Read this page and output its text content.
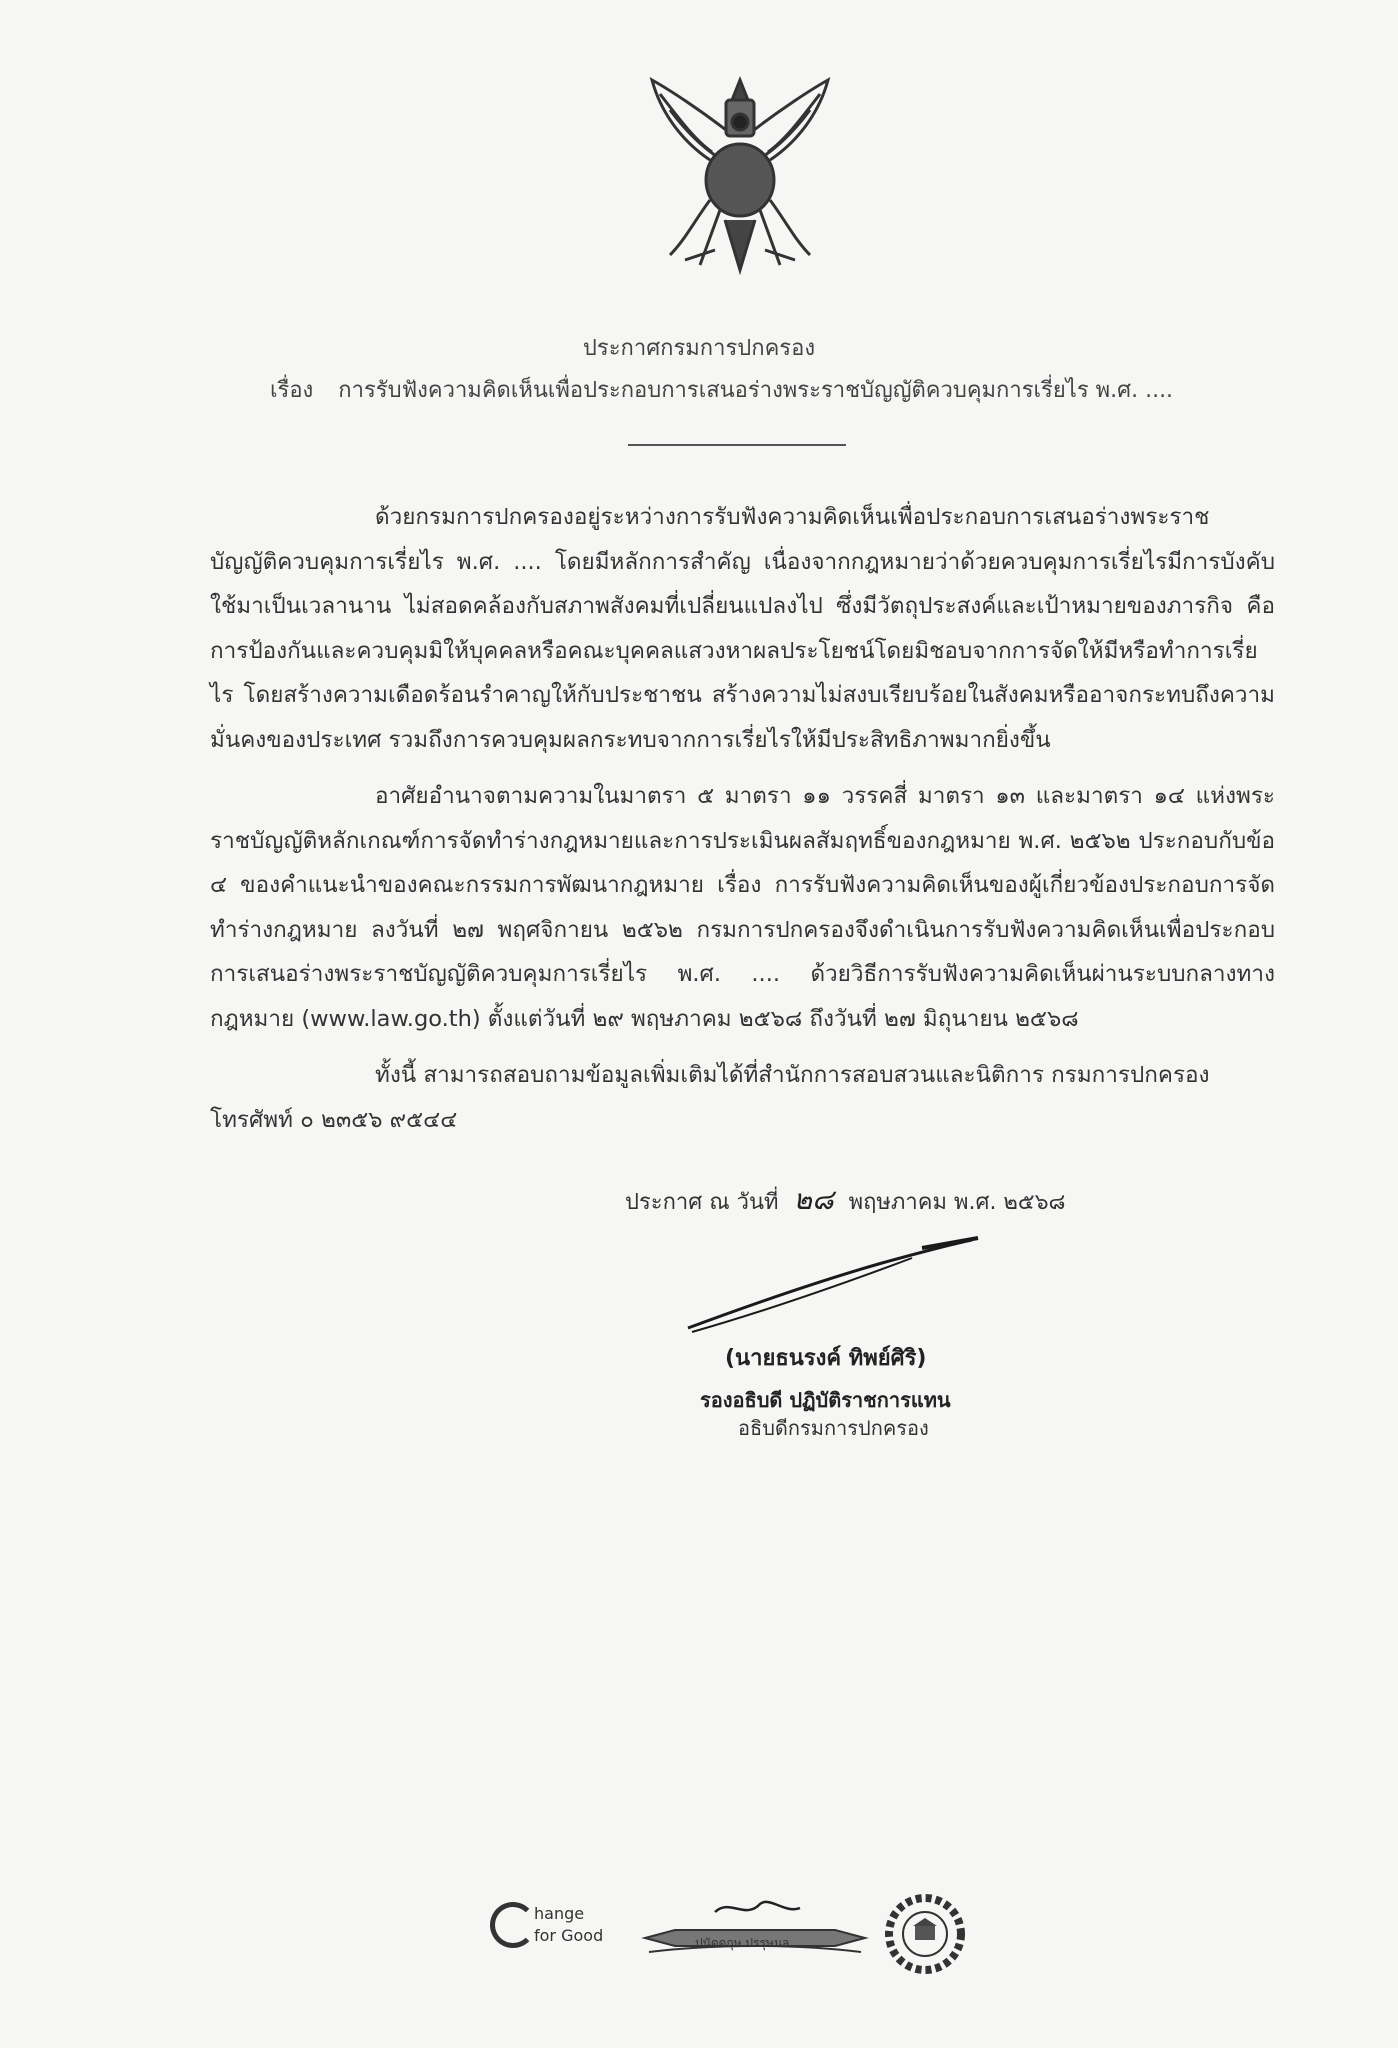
ประกาศกรมการปกครอง
เรื่อง การรับฟังความคิดเห็นเพื่อประกอบการเสนอร่างพระราชบัญญัติควบคุมการเรี่ยไร พ.ศ. ....

ด้วยกรมการปกครองอยู่ระหว่างการรับฟังความคิดเห็นเพื่อประกอบการเสนอร่างพระราชบัญญัติควบคุมการเรี่ยไร พ.ศ. .... โดยมีหลักการสำคัญ เนื่องจากกฎหมายว่าด้วยควบคุมการเรี่ยไรมีการบังคับใช้มาเป็นเวลานาน ไม่สอดคล้องกับสภาพสังคมที่เปลี่ยนแปลงไป ซึ่งมีวัตถุประสงค์และเป้าหมายของภารกิจ คือ การป้องกันและควบคุมมิให้บุคคลหรือคณะบุคคลแสวงหาผลประโยชน์โดยมิชอบจากการจัดให้มีหรือทำการเรี่ยไร โดยสร้างความเดือดร้อนรำคาญให้กับประชาชน สร้างความไม่สงบเรียบร้อยในสังคมหรืออาจกระทบถึงความมั่นคงของประเทศ รวมถึงการควบคุมผลกระทบจากการเรี่ยไรให้มีประสิทธิภาพมากยิ่งขึ้น

อาศัยอำนาจตามความในมาตรา ๕ มาตรา ๑๑ วรรคสี่ มาตรา ๑๓ และมาตรา ๑๔ แห่งพระราชบัญญัติหลักเกณฑ์การจัดทำร่างกฎหมายและการประเมินผลสัมฤทธิ์ของกฎหมาย พ.ศ. ๒๕๖๒ ประกอบกับข้อ ๔ ของคำแนะนำของคณะกรรมการพัฒนากฎหมาย เรื่อง การรับฟังความคิดเห็นของผู้เกี่ยวข้องประกอบการจัดทำร่างกฎหมาย ลงวันที่ ๒๗ พฤศจิกายน ๒๕๖๒ กรมการปกครองจึงดำเนินการรับฟังความคิดเห็นเพื่อประกอบการเสนอร่างพระราชบัญญัติควบคุมการเรี่ยไร พ.ศ. .... ด้วยวิธีการรับฟังความคิดเห็นผ่านระบบกลางทางกฎหมาย (www.law.go.th) ตั้งแต่วันที่ ๒๙ พฤษภาคม ๒๕๖๘ ถึงวันที่ ๒๗ มิถุนายน ๒๕๖๘

ทั้งนี้ สามารถสอบถามข้อมูลเพิ่มเติมได้ที่สำนักการสอบสวนและนิติการ กรมการปกครอง

โทรศัพท์ ๐ ๒๓๕๖ ๙๕๔๔

ประกาศ ณ วันที่ ๒๘ พฤษภาคม พ.ศ. ๒๕๖๘
(นายธนรงค์ ทิพย์ศิริ)
รองอธิบดี ปฏิบัติราชการแทน
อธิบดีกรมการปกครอง
hange
for Good	ปนัดดกุษ ปรรุษนล
